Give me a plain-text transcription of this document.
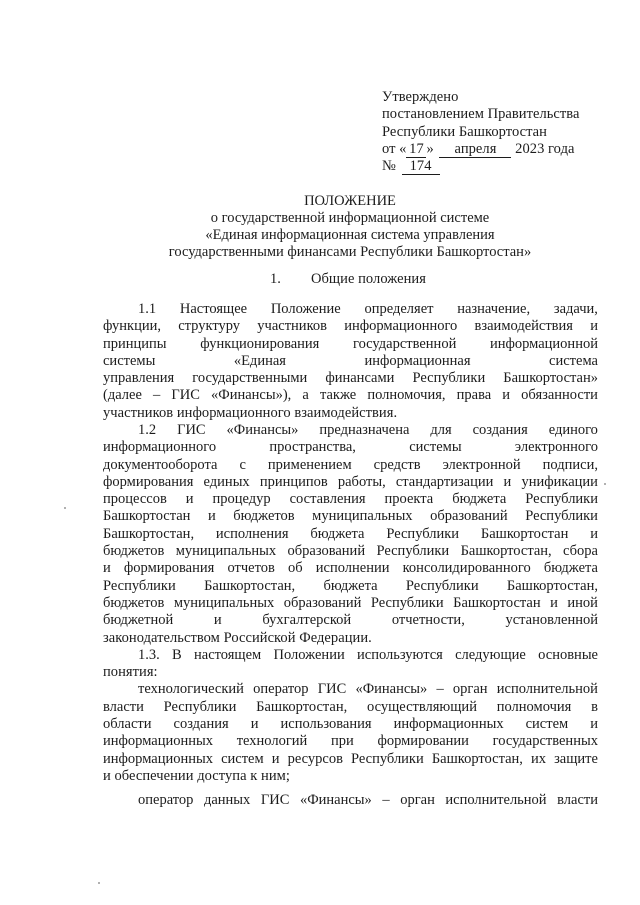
Утверждено
постановлением Правительства
Республики Башкортостан
от « 17 » апреля 2023 года
№ 174
ПОЛОЖЕНИЕ
о государственной информационной системе
«Единая информационная система управления
государственными финансами Республики Башкортостан»
1. Общие положения
1.1 Настоящее Положение определяет назначение, задачи,
функции, структуру участников информационного взаимодействия и
принципы функционирования государственной информационной
системы	«Единая	информационная	система
управления государственными финансами Республики Башкортостан»
(далее – ГИС «Финансы»), а также полномочия, права и обязанности
участников информационного взаимодействия.
1.2 ГИС «Финансы» предназначена для создания единого
информационного	пространства,	системы	электронного
документооборота с применением средств электронной подписи,
формирования единых принципов работы, стандартизации и унификации
процессов и процедур составления проекта бюджета Республики
Башкортостан и бюджетов муниципальных образований Республики
Башкортостан, исполнения бюджета Республики Башкортостан и
бюджетов муниципальных образований Республики Башкортостан, сбора
и формирования отчетов об исполнении консолидированного бюджета
Республики Башкортостан, бюджета Республики Башкортостан,
бюджетов муниципальных образований Республики Башкортостан и иной
бюджетной	и	бухгалтерской	отчетности,	установленной
законодательством Российской Федерации.
1.3. В настоящем Положении используются следующие основные
понятия:
технологический оператор ГИС «Финансы» – орган исполнительной
власти Республики Башкортостан, осуществляющий полномочия в
области создания и использования информационных систем и
информационных технологий при формировании государственных
информационных систем и ресурсов Республики Башкортостан, их защите
и обеспечении доступа к ним;
оператор данных ГИС «Финансы» – орган исполнительной власти
